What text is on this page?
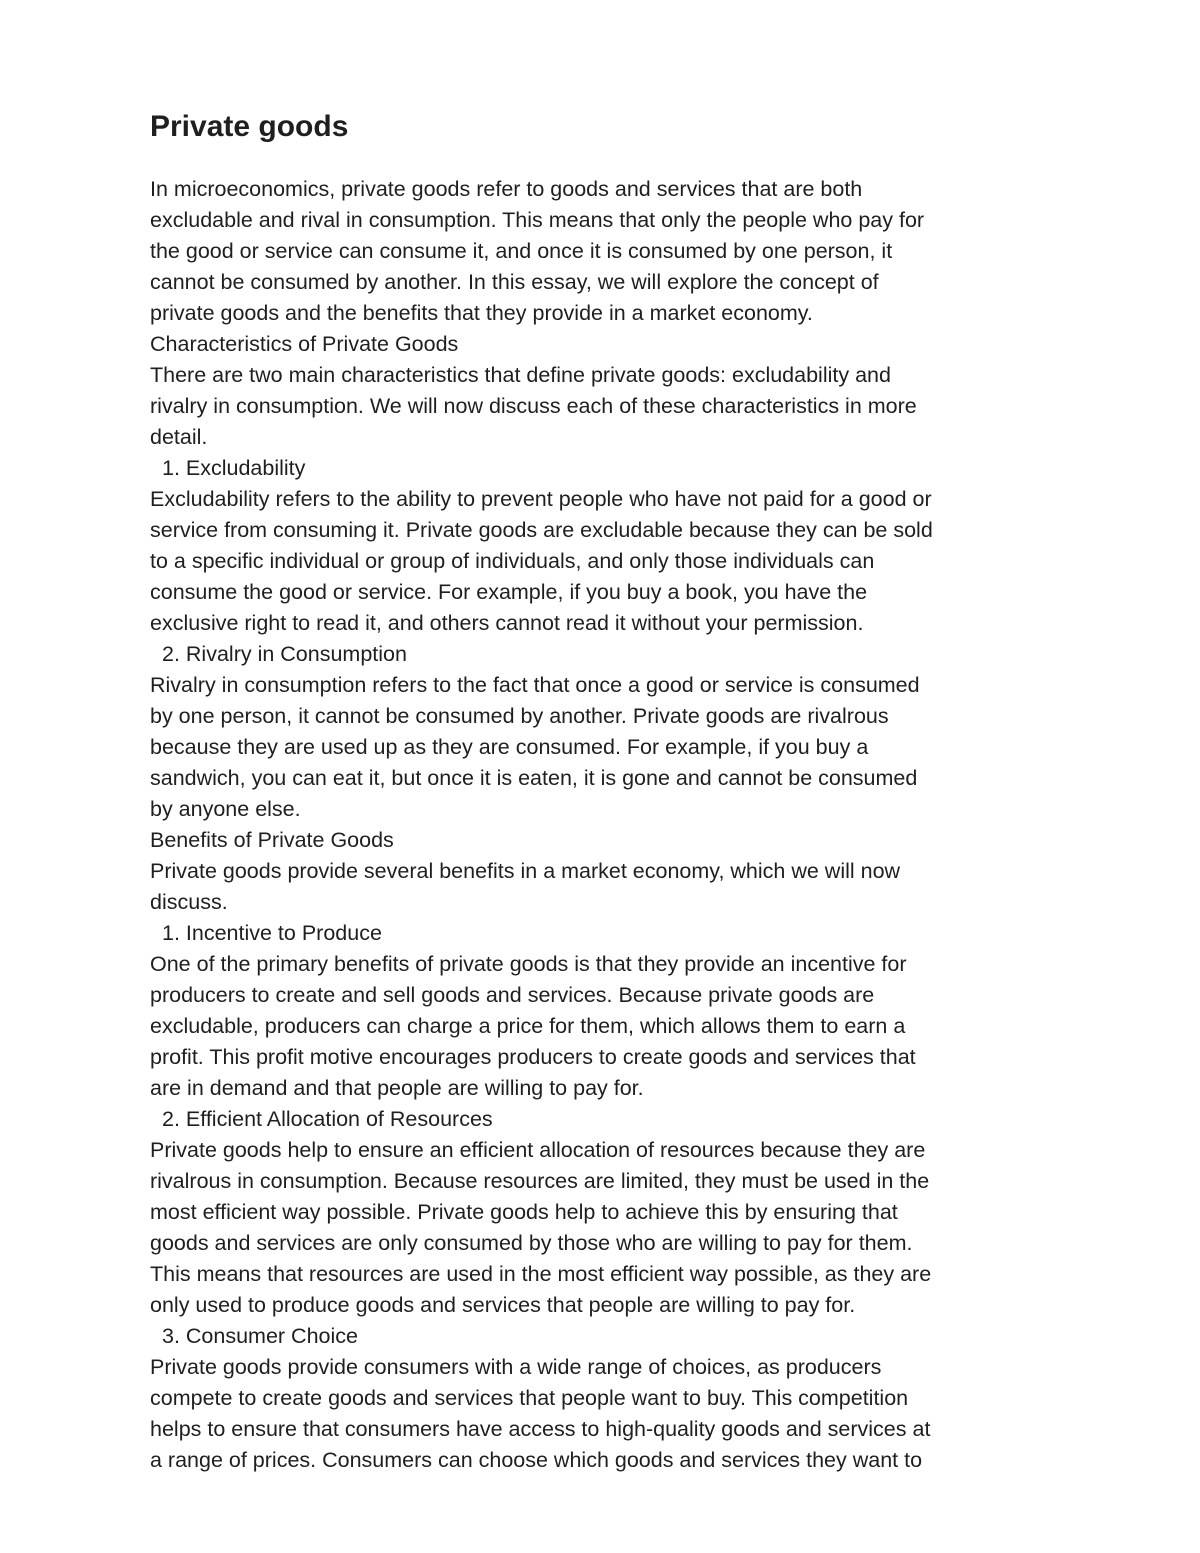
Private goods
In microeconomics, private goods refer to goods and services that are both
excludable and rival in consumption. This means that only the people who pay for
the good or service can consume it, and once it is consumed by one person, it
cannot be consumed by another. In this essay, we will explore the concept of
private goods and the benefits that they provide in a market economy.
Characteristics of Private Goods
There are two main characteristics that define private goods: excludability and
rivalry in consumption. We will now discuss each of these characteristics in more
detail.
1. Excludability
Excludability refers to the ability to prevent people who have not paid for a good or
service from consuming it. Private goods are excludable because they can be sold
to a specific individual or group of individuals, and only those individuals can
consume the good or service. For example, if you buy a book, you have the
exclusive right to read it, and others cannot read it without your permission.
2. Rivalry in Consumption
Rivalry in consumption refers to the fact that once a good or service is consumed
by one person, it cannot be consumed by another. Private goods are rivalrous
because they are used up as they are consumed. For example, if you buy a
sandwich, you can eat it, but once it is eaten, it is gone and cannot be consumed
by anyone else.
Benefits of Private Goods
Private goods provide several benefits in a market economy, which we will now
discuss.
1. Incentive to Produce
One of the primary benefits of private goods is that they provide an incentive for
producers to create and sell goods and services. Because private goods are
excludable, producers can charge a price for them, which allows them to earn a
profit. This profit motive encourages producers to create goods and services that
are in demand and that people are willing to pay for.
2. Efficient Allocation of Resources
Private goods help to ensure an efficient allocation of resources because they are
rivalrous in consumption. Because resources are limited, they must be used in the
most efficient way possible. Private goods help to achieve this by ensuring that
goods and services are only consumed by those who are willing to pay for them.
This means that resources are used in the most efficient way possible, as they are
only used to produce goods and services that people are willing to pay for.
3. Consumer Choice
Private goods provide consumers with a wide range of choices, as producers
compete to create goods and services that people want to buy. This competition
helps to ensure that consumers have access to high-quality goods and services at
a range of prices. Consumers can choose which goods and services they want to
